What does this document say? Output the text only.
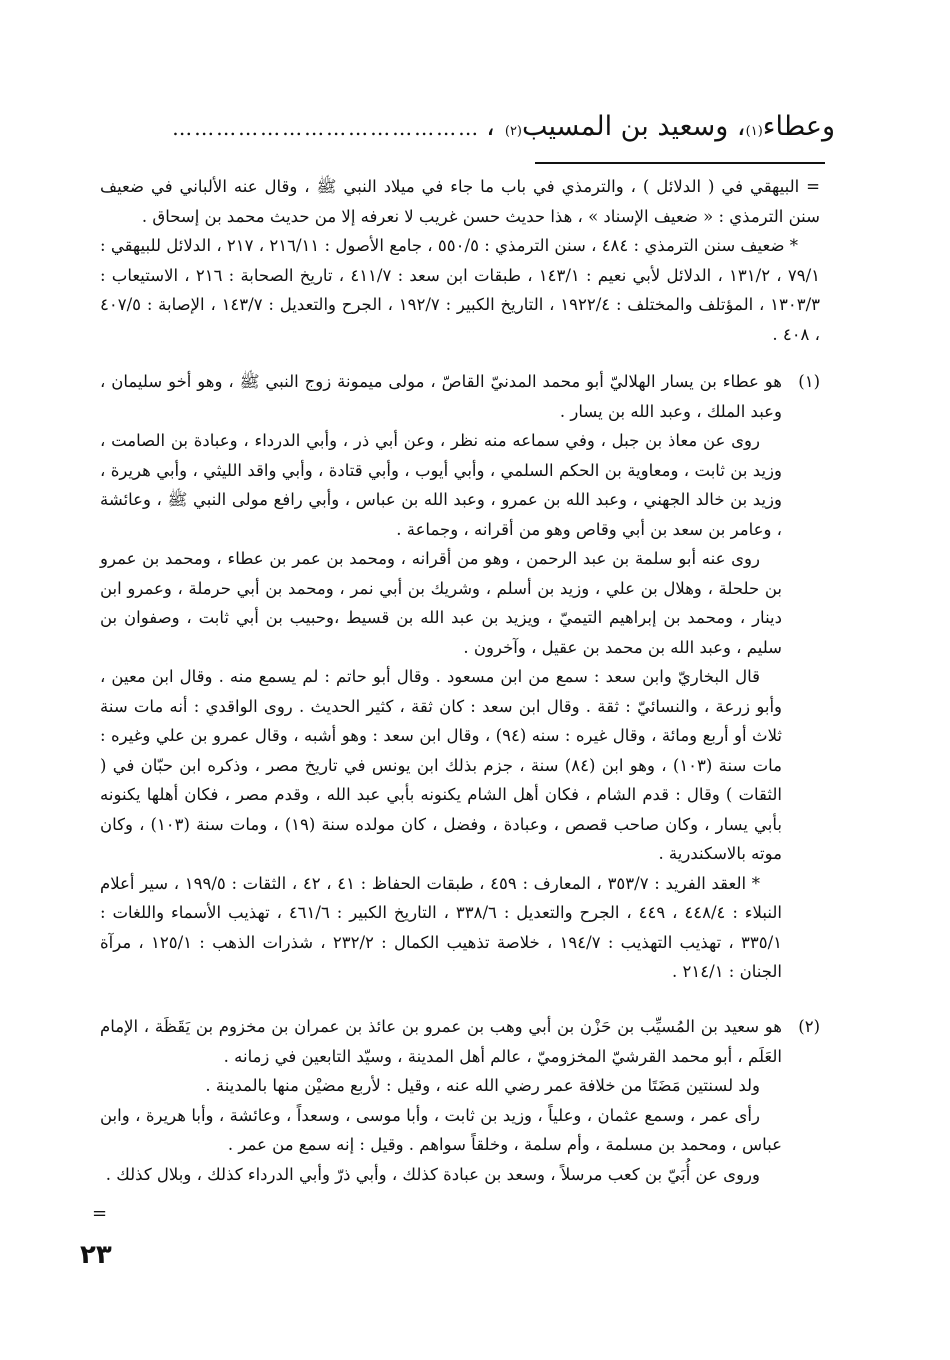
وعطاء
(١)
، وسعيد بن المسيب
(٢)
،
……………………………………

= البيهقي في ( الدلائل ) ، والترمذي في باب ما جاء في ميلاد النبي ﷺ ، وقال عنه الألباني في ضعيف سنن الترمذي : « ضعيف الإسناد » ، هذا حديث حسن غريب لا نعرفه إلا من حديث محمد بن إسحاق .

* ضعيف سنن الترمذي : ٤٨٤ ، سنن الترمذي : ٥٥٠/٥ ، جامع الأصول : ٢١٦/١١ ، ٢١٧ ، الدلائل للبيهقي : ٧٩/١ ، ١٣١/٢ ، الدلائل لأبي نعيم : ١٤٣/١ ، طبقات ابن سعد : ٤١١/٧ ، تاريخ الصحابة : ٢١٦ ، الاستيعاب : ١٣٠٣/٣ ، المؤتلف والمختلف : ١٩٢٢/٤ ، التاريخ الكبير : ١٩٢/٧ ، الجرح والتعديل : ١٤٣/٧ ، الإصابة : ٤٠٧/٥ ، ٤٠٨ .

(١)

هو عطاء بن يسار الهلاليّ أبو محمد المدنيّ القاصّ ، مولى ميمونة زوج النبي ﷺ ، وهو أخو سليمان ، وعبد الملك ، وعبد الله بن يسار .

روى عن معاذ بن جبل ، وفي سماعه منه نظر ، وعن أبي ذر ، وأبي الدرداء ، وعبادة بن الصامت ، وزيد بن ثابت ، ومعاوية بن الحكم السلمي ، وأبي أيوب ، وأبي قتادة ، وأبي واقد الليثي ، وأبي هريرة ، وزيد بن خالد الجهني ، وعبد الله بن عمرو ، وعبد الله بن عباس ، وأبي رافع مولى النبي ﷺ ، وعائشة ، وعامر بن سعد بن أبي وقاص وهو من أقرانه ، وجماعة .

روى عنه أبو سلمة بن عبد الرحمن ، وهو من أقرانه ، ومحمد بن عمر بن عطاء ، ومحمد بن عمرو بن حلحلة ، وهلال بن علي ، وزيد بن أسلم ، وشريك بن أبي نمر ، ومحمد بن أبي حرملة ، وعمرو ابن دينار ، ومحمد بن إبراهيم التيميّ ، ويزيد بن عبد الله بن قسيط ،وحبيب بن أبي ثابت ، وصفوان بن سليم ، وعبد الله بن محمد بن عقيل ، وآخرون .

قال البخاريّ وابن سعد : سمع من ابن مسعود . وقال أبو حاتم : لم يسمع منه . وقال ابن معين ، وأبو زرعة ، والنسائيّ : ثقة . وقال ابن سعد : كان ثقة ، كثير الحديث . روى الواقدي : أنه مات سنة ثلاث أو أربع ومائة ، وقال غيره : سنه (٩٤) ، وقال ابن سعد : وهو أشبه ، وقال عمرو بن علي وغيره : مات سنة (١٠٣) ، وهو ابن (٨٤) سنة ، جزم بذلك ابن يونس في تاريخ مصر ، وذكره ابن حبّان في ( الثقات ) وقال : قدم الشام ، فكان أهل الشام يكنونه بأبي عبد الله ، وقدم مصر ، فكان أهلها يكنونه بأبي يسار ، وكان صاحب قصص ، وعبادة ، وفضل ، كان مولده سنة (١٩) ، ومات سنة (١٠٣) ، وكان موته بالاسكندرية .

* العقد الفريد : ٣٥٣/٧ ، المعارف : ٤٥٩ ، طبقات الحفاظ : ٤١ ، ٤٢ ، الثقات : ١٩٩/٥ ، سير أعلام النبلاء : ٤٤٨/٤ ، ٤٤٩ ، الجرح والتعديل : ٣٣٨/٦ ، التاريخ الكبير : ٤٦١/٦ ، تهذيب الأسماء واللغات : ٣٣٥/١ ، تهذيب التهذيب : ١٩٤/٧ ، خلاصة تذهيب الكمال : ٢٣٢/٢ ، شذرات الذهب : ١٢٥/١ ، مرآة الجنان : ٢١٤/١ .

(٢)

هو سعيد بن المُسيِّب بن حَزْن بن أبي وهب بن عمرو بن عائذ بن عمران بن مخزوم بن يَقَظَة ، الإمام العَلَم ، أبو محمد القرشيّ المخزوميّ ، عالم أهل المدينة ، وسيّد التابعين في زمانه .

ولد لسنتين مَضَتَا من خلافة عمر رضي الله عنه ، وقيل : لأربع مضيْن منها بالمدينة .

رأى عمر ، وسمع عثمان ، وعلياً ، وزيد بن ثابت ، وأبا موسى ، وسعداً ، وعائشة ، وأبا هريرة ، وابن عباس ، ومحمد بن مسلمة ، وأم سلمة ، وخلقاً سواهم . وقيل : إنه سمع من عمر .

وروى عن أُبَيّ بن كعب مرسلاً ، وسعد بن عبادة كذلك ، وأبي ذرّ وأبي الدرداء كذلك ، وبلال كذلك .

=
٢٣
